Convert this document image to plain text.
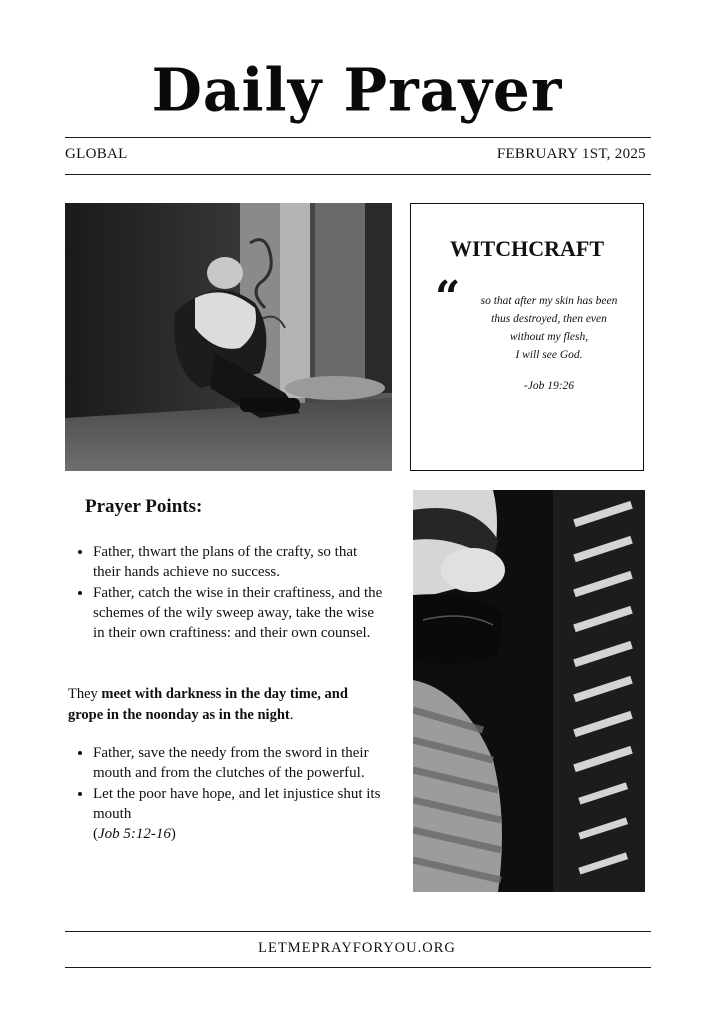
Daily Prayer
GLOBAL	FEBRUARY 1ST, 2025
WITCHCRAFT
“	so that after my skin has been
thus destroyed, then even
without my flesh,
I will see God.
-Job 19:26
Prayer Points:
• Father, thwart the plans of the crafty, so that their hands achieve no success.
• Father, catch the wise in their craftiness, and the schemes of the wily sweep away, take the wise in their own craftiness: and their own counsel.
They meet with darkness in the day time, and grope in the noonday as in the night.
• Father, save the needy from the sword in their mouth and from the clutches of the powerful.
• Let the poor have hope, and let injustice shut its mouth
(Job 5:12-16)
LETMEPRAYFORYOU.ORG
